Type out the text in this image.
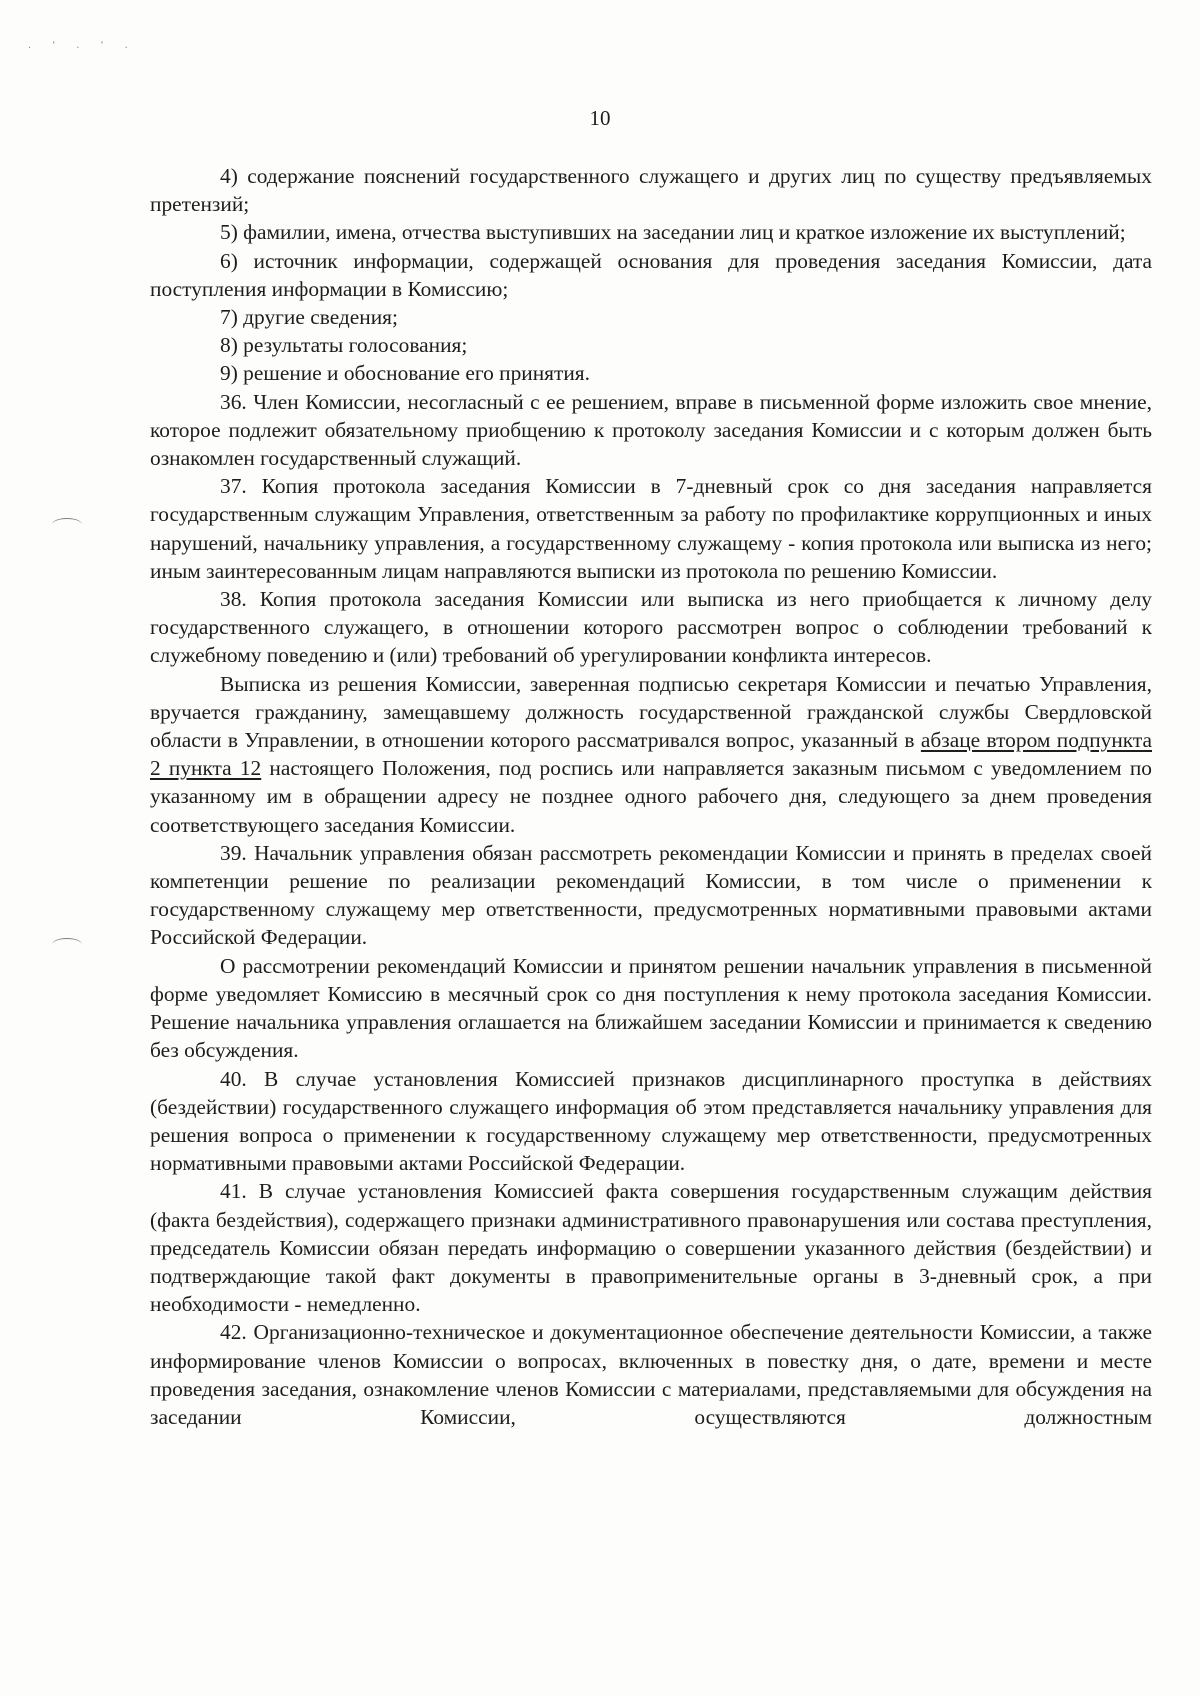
. ' . ' .
10

4) содержание пояснений государственного служащего и других лиц по существу предъявляемых претензий;

5) фамилии, имена, отчества выступивших на заседании лиц и краткое изложение их выступлений;

6) источник информации, содержащей основания для проведения заседания Комиссии, дата поступления информации в Комиссию;

7) другие сведения;

8) результаты голосования;

9) решение и обоснование его принятия.

36. Член Комиссии, несогласный с ее решением, вправе в письменной форме изложить свое мнение, которое подлежит обязательному приобщению к протоколу заседания Комиссии и с которым должен быть ознакомлен государственный служащий.

37. Копия протокола заседания Комиссии в 7-дневный срок со дня заседания направляется государственным служащим Управления, ответственным за работу по профилактике коррупционных и иных нарушений, начальнику управления, а государственному служащему - копия протокола или выписка из него; иным заинтересованным лицам направляются выписки из протокола по решению Комиссии.

38. Копия протокола заседания Комиссии или выписка из него приобщается к личному делу государственного служащего, в отношении которого рассмотрен вопрос о соблюдении требований к служебному поведению и (или) требований об урегулировании конфликта интересов.

Выписка из решения Комиссии, заверенная подписью секретаря Комиссии и печатью Управления, вручается гражданину, замещавшему должность государственной гражданской службы Свердловской области в Управлении, в отношении которого рассматривался вопрос, указанный в абзаце втором подпункта 2 пункта 12 настоящего Положения, под роспись или направляется заказным письмом с уведомлением по указанному им в обращении адресу не позднее одного рабочего дня, следующего за днем проведения соответствующего заседания Комиссии.

39. Начальник управления обязан рассмотреть рекомендации Комиссии и принять в пределах своей компетенции решение по реализации рекомендаций Комиссии, в том числе о применении к государственному служащему мер ответственности, предусмотренных нормативными правовыми актами Российской Федерации.

О рассмотрении рекомендаций Комиссии и принятом решении начальник управления в письменной форме уведомляет Комиссию в месячный срок со дня поступления к нему протокола заседания Комиссии. Решение начальника управления оглашается на ближайшем заседании Комиссии и принимается к сведению без обсуждения.

40. В случае установления Комиссией признаков дисциплинарного проступка в действиях (бездействии) государственного служащего информация об этом представляется начальнику управления для решения вопроса о применении к государственному служащему мер ответственности, предусмотренных нормативными правовыми актами Российской Федерации.

41. В случае установления Комиссией факта совершения государственным служащим действия (факта бездействия), содержащего признаки административного правонарушения или состава преступления, председатель Комиссии обязан передать информацию о совершении указанного действия (бездействии) и подтверждающие такой факт документы в правоприменительные органы в 3-дневный срок, а при необходимости - немедленно.

42. Организационно-техническое и документационное обеспечение деятельности Комиссии, а также информирование членов Комиссии о вопросах, включенных в повестку дня, о дате, времени и месте проведения заседания, ознакомление членов Комиссии с материалами, представляемыми для обсуждения на заседании Комиссии, осуществляются должностным
